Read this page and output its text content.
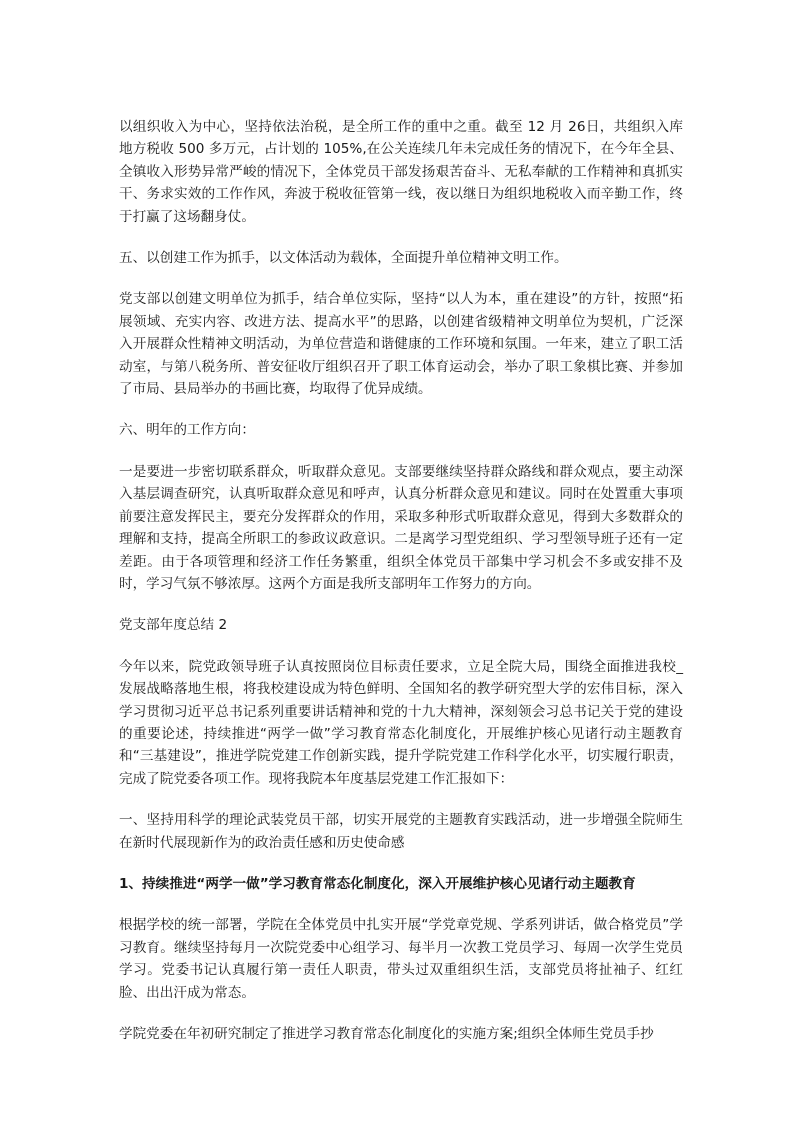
以组织收入为中心，坚持依法治税，是全所工作的重中之重。截至 12 月 26日，共组织入库地方税收 500 多万元，占计划的 105%,在公关连续几年未完成任务的情况下，在今年全县、全镇收入形势异常严峻的情况下，全体党员干部发扬艰苦奋斗、无私奉献的工作精神和真抓实干、务求实效的工作作风，奔波于税收征管第一线，夜以继日为组织地税收入而辛勤工作，终于打赢了这场翻身仗。

五、以创建工作为抓手，以文体活动为载体，全面提升单位精神文明工作。

党支部以创建文明单位为抓手，结合单位实际，坚持“以人为本，重在建设”的方针，按照“拓展领域、充实内容、改进方法、提高水平”的思路，以创建省级精神文明单位为契机，广泛深入开展群众性精神文明活动，为单位营造和谐健康的工作环境和氛围。一年来，建立了职工活动室，与第八税务所、普安征收厅组织召开了职工体育运动会，举办了职工象棋比赛、并参加了市局、县局举办的书画比赛，均取得了优异成绩。

六、明年的工作方向：

一是要进一步密切联系群众，听取群众意见。支部要继续坚持群众路线和群众观点，要主动深入基层调查研究，认真听取群众意见和呼声，认真分析群众意见和建议。同时在处置重大事项前要注意发挥民主，要充分发挥群众的作用，采取多种形式听取群众意见，得到大多数群众的理解和支持，提高全所职工的参政议政意识。二是离学习型党组织、学习型领导班子还有一定差距。由于各项管理和经济工作任务繁重，组织全体党员干部集中学习机会不多或安排不及时，学习气氛不够浓厚。这两个方面是我所支部明年工作努力的方向。

党支部年度总结 2

今年以来，院党政领导班子认真按照岗位目标责任要求，立足全院大局，围绕全面推进我校_发展战略落地生根，将我校建设成为特色鲜明、全国知名的教学研究型大学的宏伟目标，深入学习贯彻习近平总书记系列重要讲话精神和党的十九大精神，深刻领会习总书记关于党的建设的重要论述，持续推进“两学一做”学习教育常态化制度化，开展维护核心见诸行动主题教育和“三基建设”，推进学院党建工作创新实践，提升学院党建工作科学化水平，切实履行职责，完成了院党委各项工作。现将我院本年度基层党建工作汇报如下：

一、坚持用科学的理论武装党员干部，切实开展党的主题教育实践活动，进一步增强全院师生在新时代展现新作为的政治责任感和历史使命感

1、持续推进“两学一做”学习教育常态化制度化，深入开展维护核心见诸行动主题教育

根据学校的统一部署，学院在全体党员中扎实开展“学党章党规、学系列讲话，做合格党员”学习教育。继续坚持每月一次院党委中心组学习、每半月一次教工党员学习、每周一次学生党员学习。党委书记认真履行第一责任人职责，带头过双重组织生活，支部党员将扯袖子、红红脸、出出汗成为常态。

学院党委在年初研究制定了推进学习教育常态化制度化的实施方案;组织全体师生党员手抄
